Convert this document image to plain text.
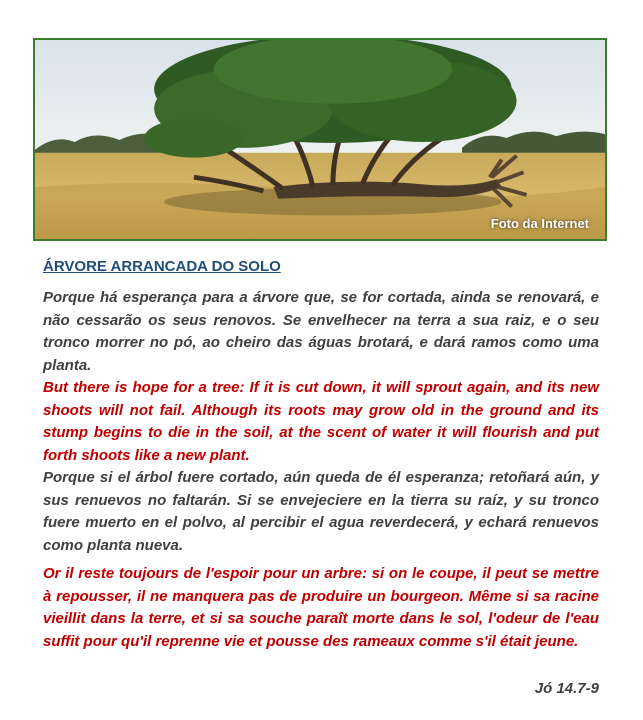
Foto da Internet
ÁRVORE ARRANCADA DO SOLO

Porque há esperança para a árvore que, se for cortada, ainda se renovará, e não cessarão os seus renovos. Se envelhecer na terra a sua raiz, e o seu tronco morrer no pó, ao cheiro das águas brotará, e dará ramos como uma planta.

But there is hope for a tree: If it is cut down, it will sprout again, and its new shoots will not fail. Although its roots may grow old in the ground and its stump begins to die in the soil, at the scent of water it will flourish and put forth shoots like a new plant.

Porque si el árbol fuere cortado, aún queda de él esperanza; retoñará aún, y sus renuevos no faltarán. Si se envejeciere en la tierra su raíz, y su tronco fuere muerto en el polvo, al percibir el agua reverdecerá, y echará renuevos como planta nueva.

Or il reste toujours de l'espoir pour un arbre: si on le coupe, il peut se mettre à repousser, il ne manquera pas de produire un bourgeon. Même si sa racine vieillit dans la terre, et si sa souche paraît morte dans le sol, l'odeur de l'eau suffit pour qu'il reprenne vie et pousse des rameaux comme s'il était jeune.

Jó 14.7-9
